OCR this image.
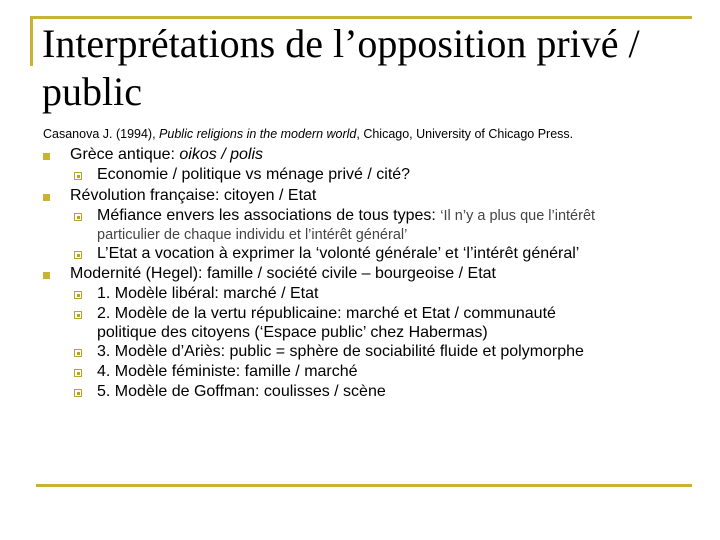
Interprétations de l’opposition privé / public
Casanova J. (1994), Public religions in the modern world, Chicago, University of Chicago Press.
Grèce antique: oikos / polis
Economie / politique vs ménage privé / cité?
Révolution française: citoyen / Etat
Méfiance envers les associations de tous types: ‘Il n’y a plus que l’intérêt
particulier de chaque individu et l’intérêt général’
L’Etat a vocation à exprimer la ‘volonté générale’ et ‘l’intérêt général’
Modernité (Hegel): famille / société civile – bourgeoise / Etat
1. Modèle libéral: marché / Etat
2. Modèle de la vertu républicaine: marché et Etat / communauté
politique des citoyens (‘Espace public’ chez Habermas)
3. Modèle d’Ariès: public = sphère de sociabilité fluide et polymorphe
4. Modèle féministe: famille / marché
5. Modèle de Goffman: coulisses / scène
